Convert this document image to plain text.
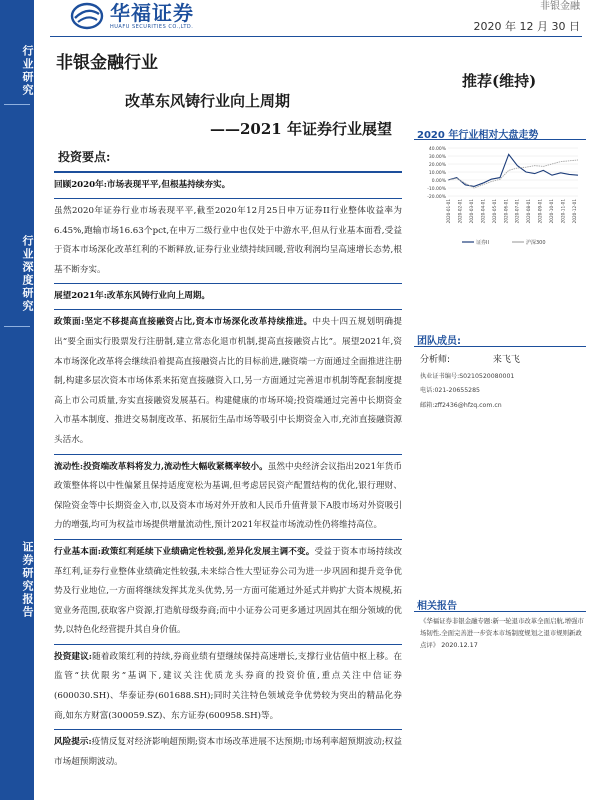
华福证券
HUAFU SECURITIES CO.,LTD.
非银金融
2020 年 12 月 30 日
行业研究
行业深度研究
证券研究报告
非银金融行业
推荐(维持)
改革东风铸行业向上周期
——2021 年证券行业展望
投资要点:
回顾2020年:市场表现平平,但根基持续夯实。
虽然2020年证券行业市场表现平平,截至2020年12月25日申万证券II行业整体收益率为6.45%,跑输市场16.63个pct,在申万二级行业中也仅处于中游水平,但从行业基本面看,受益于资本市场深化改革红利的不断释放,证券行业业绩持续回暖,营收利润均呈高速增长态势,根基不断夯实。
展望2021年:改革东风铸行业向上周期。
政策面:坚定不移提高直接融资占比,资本市场深化改革持续推进。中央十四五规划明确提出“要全面实行股票发行注册制,建立常态化退市机制,提高直接融资占比”。展望2021年,资本市场深化改革将会继续沿着提高直接融资占比的目标前进,融资端一方面通过全面推进注册制,构建多层次资本市场体系来拓宽直接融资入口,另一方面通过完善退市机制等配套制度提高上市公司质量,夯实直接融资发展基石。构建健康的市场环境;投资端通过完善中长期资金入市基本制度、推进交易制度改革、拓展衍生品市场等吸引中长期资金入市,充沛直接融资源头活水。
流动性:投资端改革料将发力,流动性大幅收紧概率较小。虽然中央经济会议指出2021年货币政策整体将以中性偏紧且保持适度宽松为基调,但考虑居民资产配置结构的优化,银行理财、保险资金等中长期资金入市,以及资本市场对外开放和人民币升值背景下A股市场对外资吸引力的增强,均可为权益市场提供增量流动性,预计2021年权益市场流动性仍将维持高位。
行业基本面:政策红利延续下业绩确定性较强,差异化发展主调不变。受益于资本市场持续改革红利,证券行业整体业绩确定性较强,未来综合性大型证券公司为进一步巩固和提升竞争优势及行业地位,一方面将继续发挥其龙头优势,另一方面可能通过外延式并购扩大资本规模,拓宽业务范围,获取客户资源,打造航母级券商;而中小证券公司更多通过巩固其在细分领域的优势,以特色化经营提升其自身价值。
投资建议:随着政策红利的持续,券商业绩有望继续保持高速增长,支撑行业估值中枢上移。在监管“扶优限劣”基调下,建议关注优质龙头券商的投资价值,重点关注中信证券(600030.SH)、华泰证券(601688.SH);同时关注特色领域竞争优势较为突出的精品化券商,如东方财富(300059.SZ)、东方证券(600958.SH)等。
风险提示:疫情反复对经济影响超预期;资本市场改革进展不达预期;市场利率超预期波动;权益市场超预期波动。
2020 年行业相对大盘走势
40.00%
30.00%
20.00%
10.00%
0.00%
-10.00%
-20.00%
2020-01-01 2020-02-01 2020-03-01 2020-04-01 2020-05-01 2020-06-01 2020-07-01 2020-08-01 2020-09-01 2020-10-01 2020-11-01 2020-12-01
证券II	沪深300
团队成员:
分析师:	来飞飞
执业证书编号:S0210520080001
电话:021-20655285
邮箱:zff2436@hfzq.com.cn
相关报告
《华福证券非银金融专题:新一轮退市改革全面启航,增强市场韧性,全面完善进一步资本市场制度规划之退市规则新政点评》 2020.12.17
